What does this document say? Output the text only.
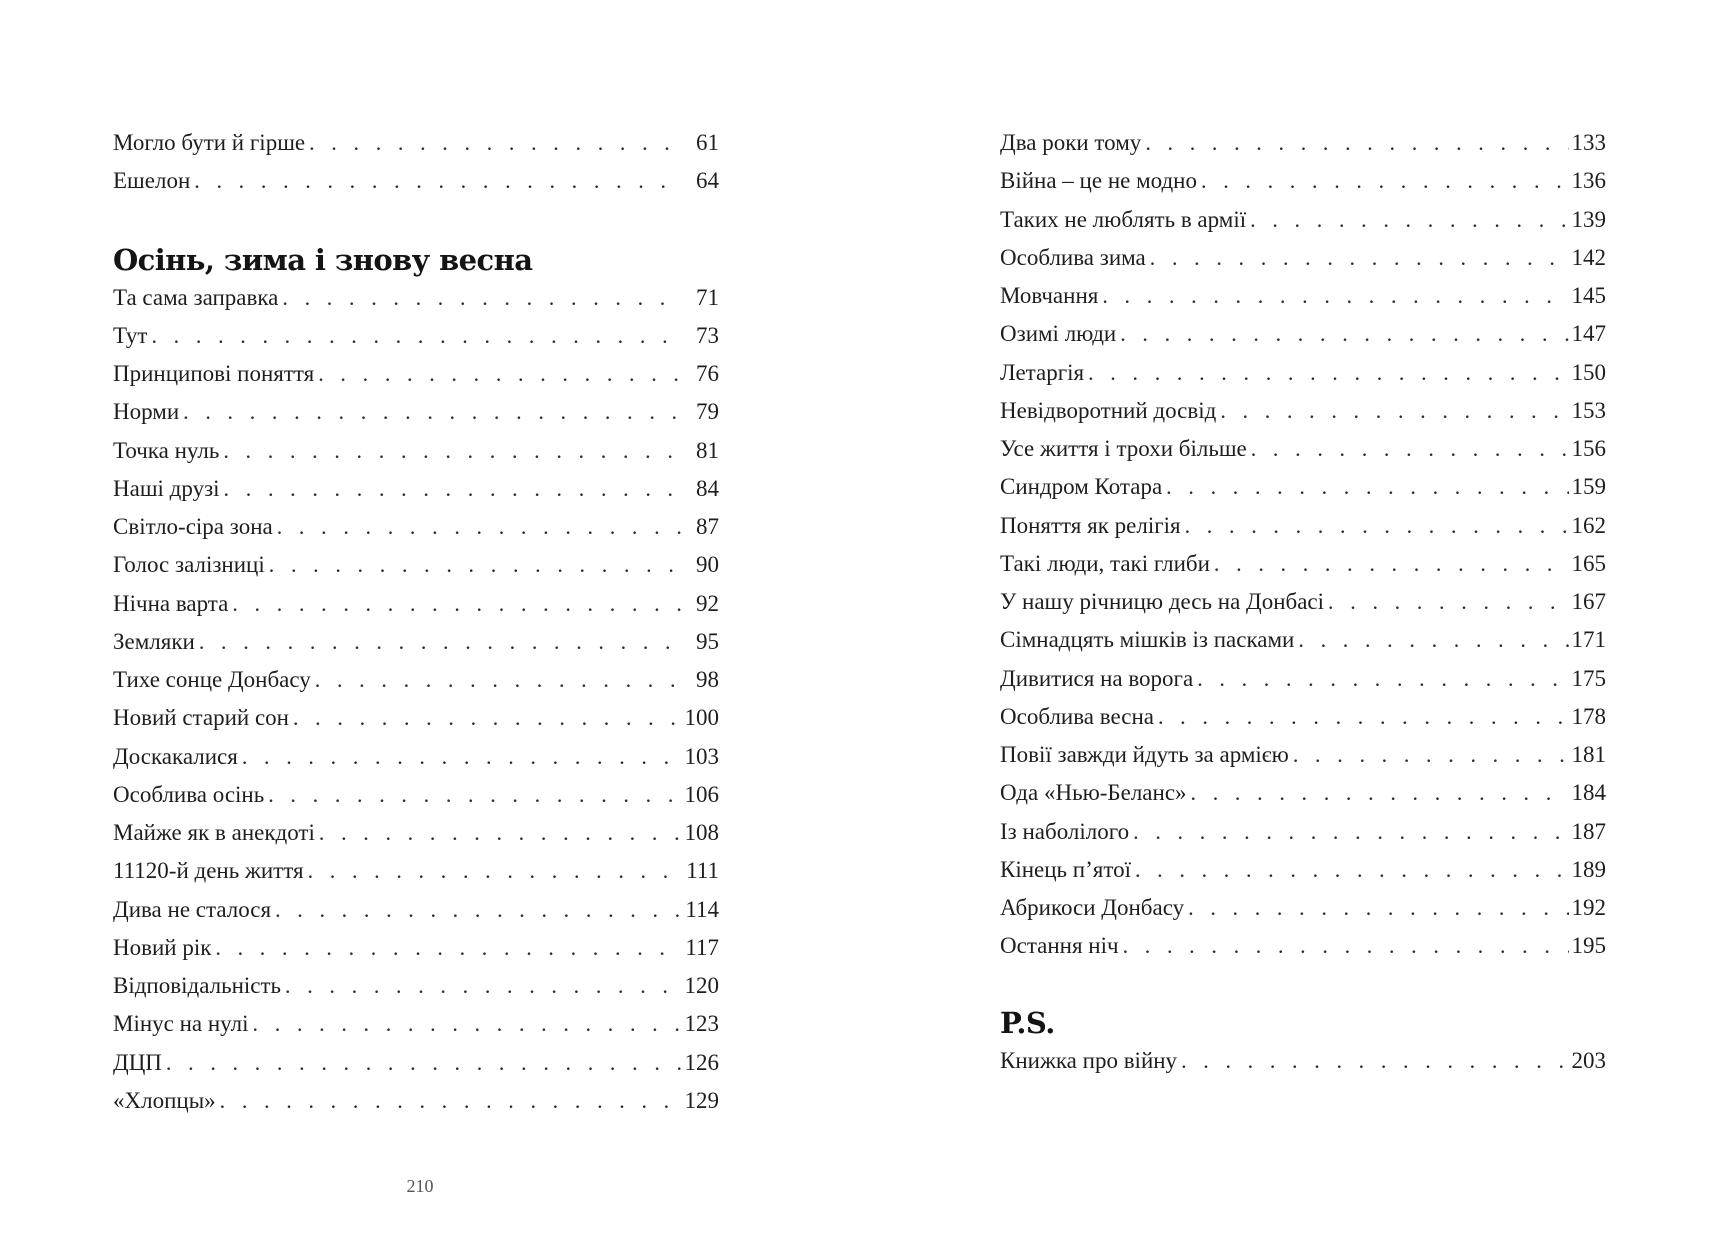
Могло бути й гірше . . .	61
Ешелон . . .	64
Осінь, зима і знову весна
Та сама заправка . . .	71
Тут . . .	73
Принципові поняття . . .	76
Норми . . .	79
Точка нуль . . .	81
Наші друзі . . .	84
Світло-сіра зона . . .	87
Голос залізниці . . .	90
Нічна варта . . .	92
Земляки . . .	95
Тихе сонце Донбасу . . .	98
Новий старий сон . . .	100
Доскакалися . . .	103
Особлива осінь . . .	106
Майже як в анекдоті . . .	108
11120-й день життя . . .	111
Дива не сталося . . .	114
Новий рік . . .	117
Відповідальність . . .	120
Мінус на нулі . . .	123
ДЦП . . .	126
«Хлопцы» . . .	129
210
Два роки тому . . .	133
Війна – це не модно . . .	136
Таких не люблять в армії . . .	139
Особлива зима . . .	142
Мовчання . . .	145
Озимі люди . . .	147
Летаргія . . .	150
Невідворотний досвід . . .	153
Усе життя і трохи більше . . .	156
Синдром Котара . . .	159
Поняття як релігія . . .	162
Такі люди, такі глиби . . .	165
У нашу річницю десь на Донбасі . . .	167
Сімнадцять мішків із пасками . . .	171
Дивитися на ворога . . .	175
Особлива весна . . .	178
Повії завжди йдуть за армією . . .	181
Ода «Нью-Беланс» . . .	184
Із наболілого . . .	187
Кінець п’ятої . . .	189
Абрикоси Донбасу . . .	192
Остання ніч . . .	195
P.S.
Книжка про війну . . .	203
